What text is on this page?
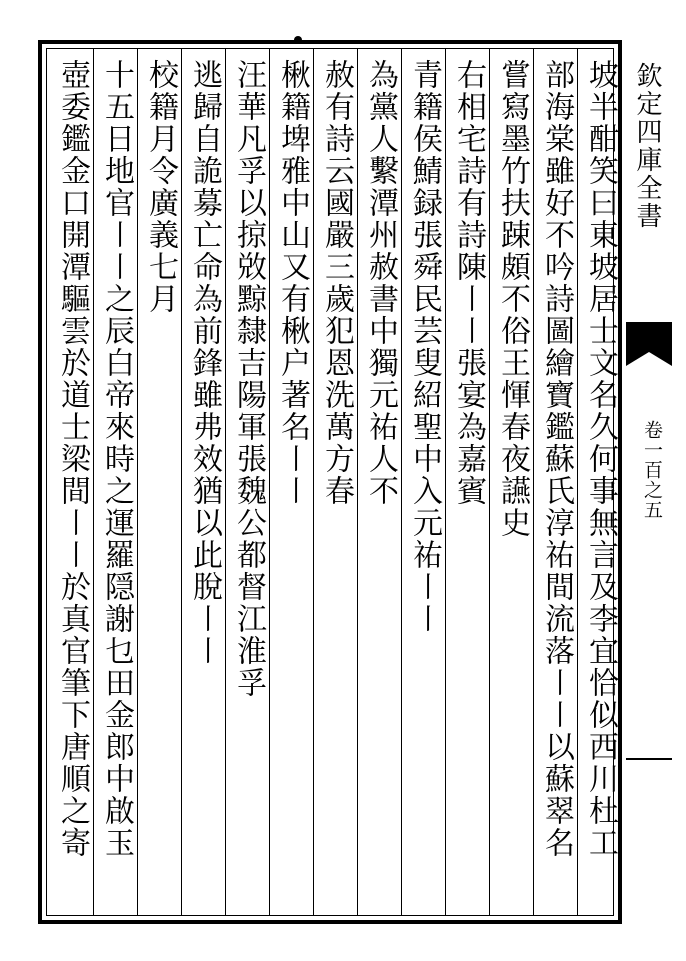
坡半酣笑曰東坡居士文名久何事無言及李宜恰似西川杜工
部海棠雖好不吟詩圖繪寶鑑蘇氏淳祐間流落〡〡以蘇翠名
嘗寫墨竹扶踈頗不俗王惲春夜讌史
右相宅詩有詩陳〡〡張宴為嘉賓
青籍侯鯖録張舜民芸叟紹聖中入元祐〡〡
為黨人繫潭州赦書中獨元祐人不
赦有詩云國嚴三歲犯恩洗萬方春
楸籍埤雅中山又有楸户著名〡〡
汪華凡孚以掠敚黥隸吉陽軍張魏公都督江淮孚
逃歸自詭募亡命為前鋒雖弗效猶以此脫〡〡
校籍月令廣義七月
十五日地官〡〡之辰白帝來時之運羅隠謝乜田金郎中啟玉
壺委鑑金口開潭驅雲於道士梁間〡〡於真官筆下唐順之寄	欽定四庫全書
卷一百之五
